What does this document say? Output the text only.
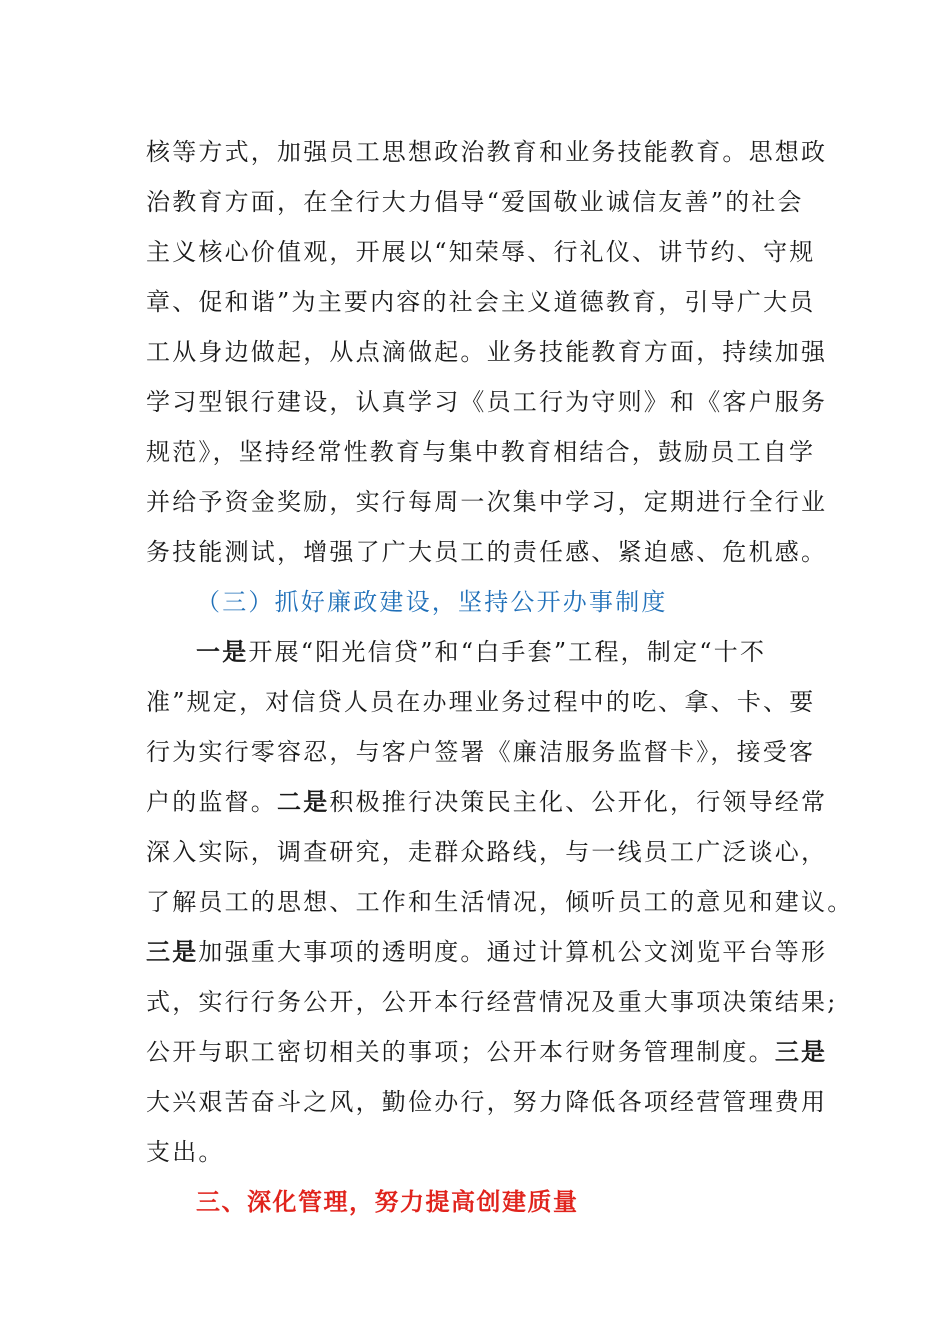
核等方式，加强员工思想政治教育和业务技能教育。思想政
治教育方面，在全行大力倡导“爱国敬业诚信友善”的社会
主义核心价值观，开展以“知荣辱、行礼仪、讲节约、守规
章、促和谐”为主要内容的社会主义道德教育，引导广大员
工从身边做起，从点滴做起。业务技能教育方面，持续加强
学习型银行建设，认真学习《员工行为守则》和《客户服务
规范》，坚持经常性教育与集中教育相结合，鼓励员工自学
并给予资金奖励，实行每周一次集中学习，定期进行全行业
务技能测试，增强了广大员工的责任感、紧迫感、危机感。
（三）抓好廉政建设，坚持公开办事制度
一是开展“阳光信贷”和“白手套”工程，制定“十不
准”规定，对信贷人员在办理业务过程中的吃、拿、卡、要
行为实行零容忍，与客户签署《廉洁服务监督卡》，接受客
户的监督。二是积极推行决策民主化、公开化，行领导经常
深入实际，调查研究，走群众路线，与一线员工广泛谈心，
了解员工的思想、工作和生活情况，倾听员工的意见和建议。
三是加强重大事项的透明度。通过计算机公文浏览平台等形
式，实行行务公开，公开本行经营情况及重大事项决策结果;
公开与职工密切相关的事项；公开本行财务管理制度。三是
大兴艰苦奋斗之风，勤俭办行，努力降低各项经营管理费用
支出。
三、深化管理，努力提高创建质量
